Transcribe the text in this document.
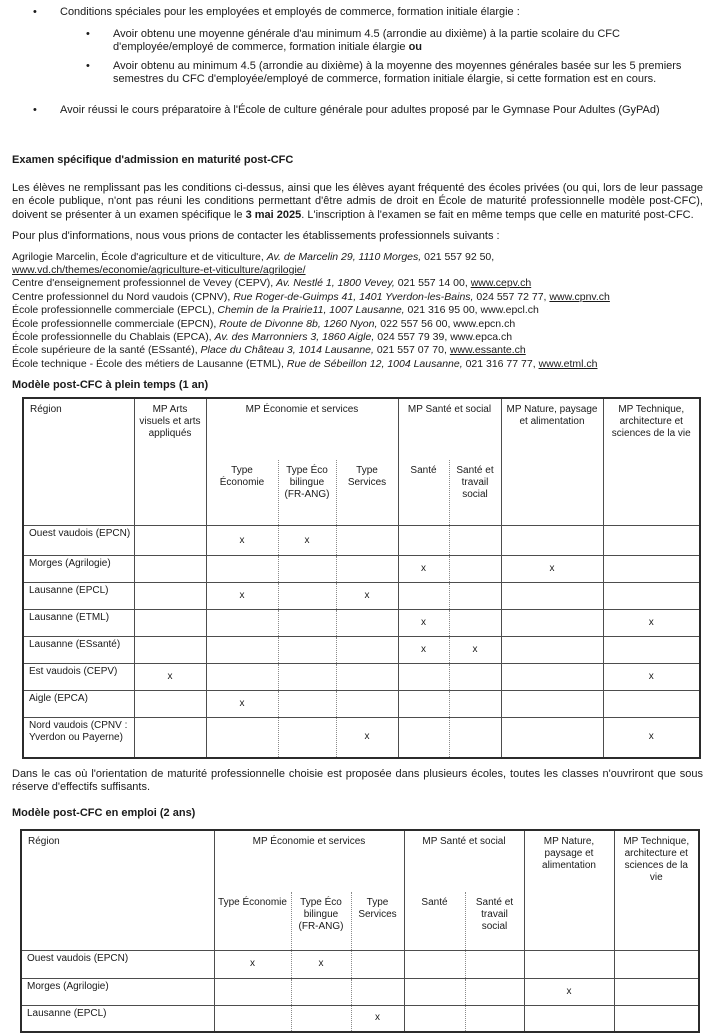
•	Conditions spéciales pour les employées et employés de commerce, formation initiale élargie :
•	Avoir obtenu une moyenne générale d'au minimum 4.5 (arrondie au dixième) à la partie scolaire du CFC d'employée/employé de commerce, formation initiale élargie ou
•	Avoir obtenu au minimum 4.5 (arrondie au dixième) à la moyenne des moyennes générales basée sur les 5 premiers semestres du CFC d'employée/employé de commerce, formation initiale élargie, si cette formation est en cours.
•	Avoir réussi le cours préparatoire à l'École de culture générale pour adultes proposé par le Gymnase Pour Adultes (GyPAd)
Examen spécifique d'admission en maturité post-CFC
Les élèves ne remplissant pas les conditions ci-dessus, ainsi que les élèves ayant fréquenté des écoles privées (ou qui, lors de leur passage en école publique, n'ont pas réuni les conditions permettant d'être admis de droit en École de maturité professionnelle modèle post-CFC), doivent se présenter à un examen spécifique le 3 mai 2025. L'inscription à l'examen se fait en même temps que celle en maturité post-CFC.
Pour plus d'informations, nous vous prions de contacter les établissements professionnels suivants :
Agrilogie Marcelin, École d'agriculture et de viticulture, Av. de Marcelin 29, 1110 Morges, 021 557 92 50,
www.vd.ch/themes/economie/agriculture-et-viticulture/agrilogie/
Centre d'enseignement professionnel de Vevey (CEPV), Av. Nestlé 1, 1800 Vevey, 021 557 14 00, www.cepv.ch
Centre professionnel du Nord vaudois (CPNV), Rue Roger-de-Guimps 41, 1401 Yverdon-les-Bains, 024 557 72 77, www.cpnv.ch
École professionnelle commerciale (EPCL), Chemin de la Prairie11, 1007 Lausanne, 021 316 95 00, www.epcl.ch
École professionnelle commerciale (EPCN), Route de Divonne 8b, 1260 Nyon, 022 557 56 00, www.epcn.ch
École professionnelle du Chablais (EPCA), Av. des Marronniers 3, 1860 Aigle, 024 557 79 39, www.epca.ch
École supérieure de la santé (ESsanté), Place du Château 3, 1014 Lausanne, 021 557 07 70, www.essante.ch
École technique - École des métiers de Lausanne (ETML), Rue de Sébeillon 12, 1004 Lausanne, 021 316 77 77, www.etml.ch
Modèle post-CFC à plein temps (1 an)
Région	MP Arts visuels et arts appliqués	MP Économie et services			MP Santé et social		MP Nature, paysage et alimentation	MP Technique, architecture et sciences de la vie
		Type Économie	Type Éco bilingue (FR-ANG)	Type Services	Santé	Santé et travail social		
Ouest vaudois (EPCN)		x	x					
Morges (Agrilogie)					x		x	
Lausanne (EPCL)		x		x				
Lausanne (ETML)					x			x
Lausanne (ESsanté)					x	x		
Est vaudois (CEPV)	x							x
Aigle (EPCA)		x						
Nord vaudois (CPNV : Yverdon ou Payerne)				x				x
Dans le cas où l'orientation de maturité professionnelle choisie est proposée dans plusieurs écoles, toutes les classes n'ouvriront que sous réserve d'effectifs suffisants.
Modèle post-CFC en emploi (2 ans)
Région	MP Économie et services			MP Santé et social		MP Nature, paysage et alimentation	MP Technique, architecture et sciences de la vie
	Type Économie	Type Éco bilingue (FR-ANG)	Type Services	Santé	Santé et travail social		
Ouest vaudois (EPCN)	x	x					
Morges (Agrilogie)						x	
Lausanne (EPCL)			x				
